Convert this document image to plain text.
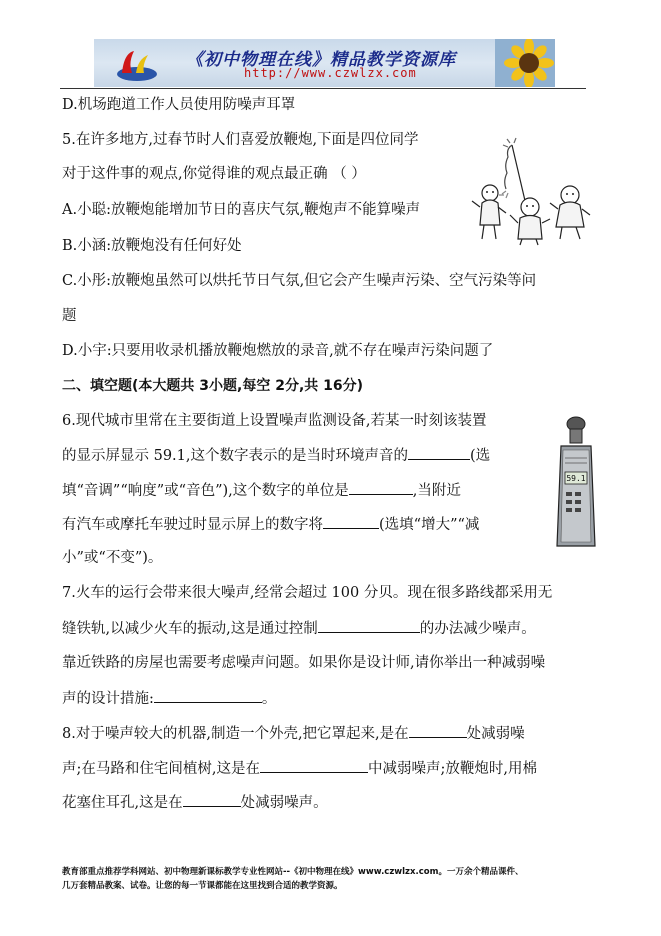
《初中物理在线》精品教学资源库
http://www.czwlzx.com
D.机场跑道工作人员使用防噪声耳罩
5.在许多地方,过春节时人们喜爱放鞭炮,下面是四位同学
对于这件事的观点,你觉得谁的观点最正确 （ ）
A.小聪:放鞭炮能增加节日的喜庆气氛,鞭炮声不能算噪声
B.小涵:放鞭炮没有任何好处
C.小彤:放鞭炮虽然可以烘托节日气氛,但它会产生噪声污染、空气污染等问
题
D.小宇:只要用收录机播放鞭炮燃放的录音,就不存在噪声污染问题了
二、填空题(本大题共 3小题,每空 2分,共 16分)
6.现代城市里常在主要街道上设置噪声监测设备,若某一时刻该装置
的显示屏显示 59.1,这个数字表示的是当时环境声音的	(选
填“音调”“响度”或“音色”),这个数字的单位是	,当附近
有汽车或摩托车驶过时显示屏上的数字将	(选填“增大”“减
小”或“不变”)。
7.火车的运行会带来很大噪声,经常会超过 100 分贝。现在很多路线都采用无
缝铁轨,以减少火车的振动,这是通过控制	的办法减少噪声。
靠近铁路的房屋也需要考虑噪声问题。如果你是设计师,请你举出一种减弱噪
声的设计措施:	。
8.对于噪声较大的机器,制造一个外壳,把它罩起来,是在	处减弱噪
声;在马路和住宅间植树,这是在	中减弱噪声;放鞭炮时,用棉
花塞住耳孔,这是在	处减弱噪声。
59.1
教育部重点推荐学科网站、初中物理新课标教学专业性网站--《初中物理在线》www.czwlzx.com。一万余个精品课件、
几万套精品教案、试卷。让您的每一节课都能在这里找到合适的教学资源。
